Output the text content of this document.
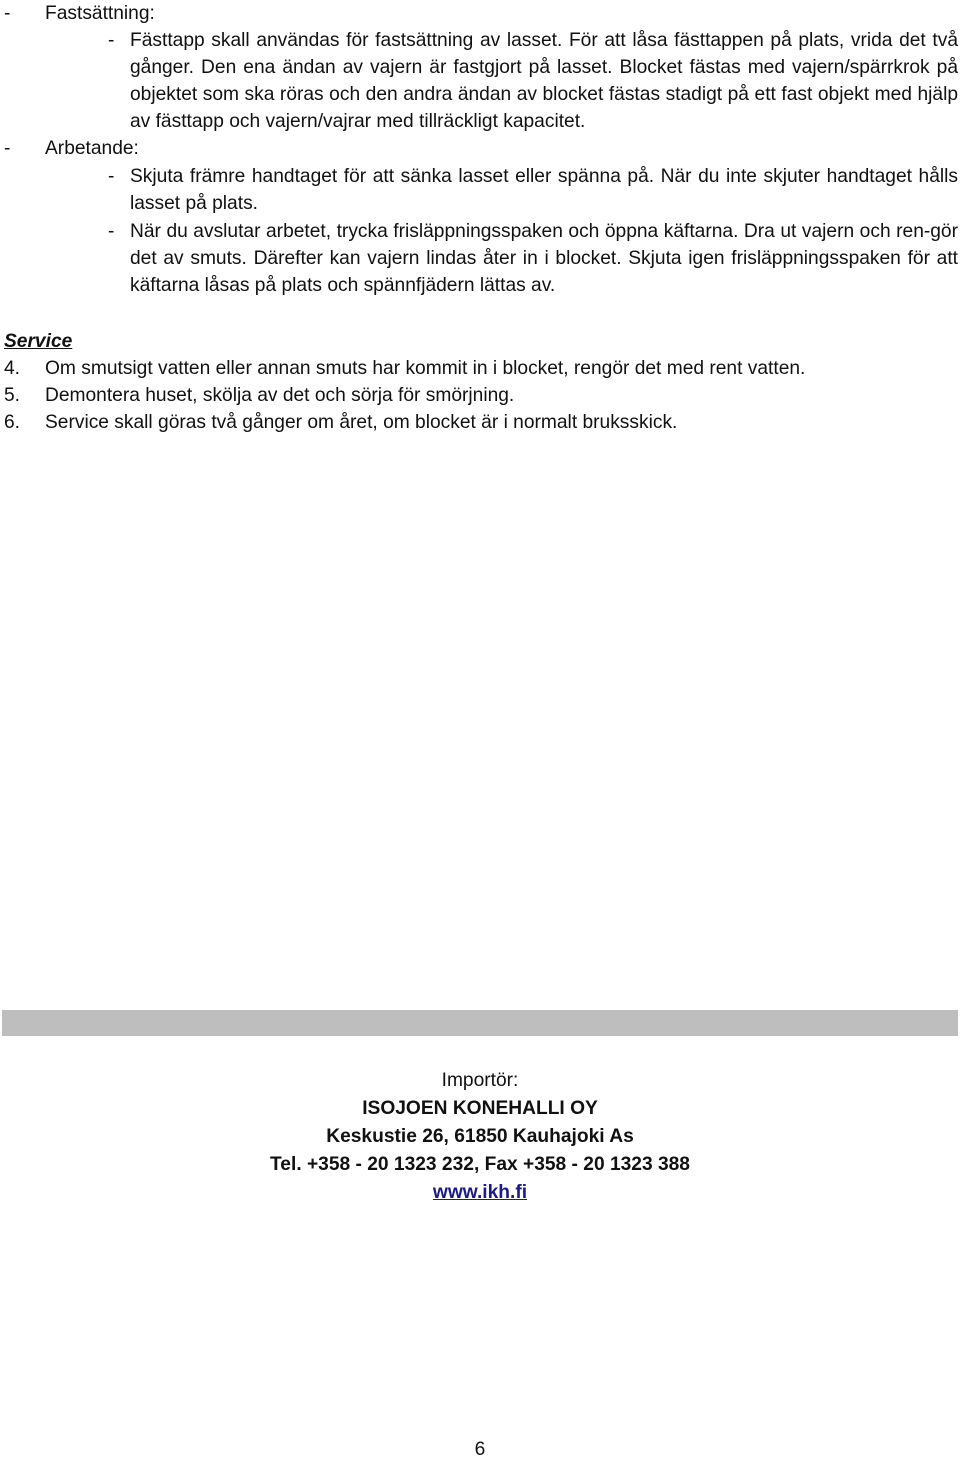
- Fastsättning:

- Fästtapp skall användas för fastsättning av lasset. För att låsa fästtappen på plats, vrida det två gånger. Den ena ändan av vajern är fastgjort på lasset. Blocket fästas med vajern/spärrkrok på objektet som ska röras och den andra ändan av blocket fästas stadigt på ett fast objekt med hjälp av fästtapp och vajern/vajrar med tillräckligt kapacitet.

- Arbetande:

- Skjuta främre handtaget för att sänka lasset eller spänna på. När du inte skjuter handtaget hålls lasset på plats.

- När du avslutar arbetet, trycka frisläppningsspaken och öppna käftarna. Dra ut vajern och ren-gör det av smuts. Därefter kan vajern lindas åter in i blocket. Skjuta igen frisläppningsspaken för att käftarna låsas på plats och spännfjädern lättas av.

Service
4. Om smutsigt vatten eller annan smuts har kommit in i blocket, rengör det med rent vatten.
5. Demontera huset, skölja av det och sörja för smörjning.
6. Service skall göras två gånger om året, om blocket är i normalt bruksskick.
Importör:
ISOJOEN KONEHALLI OY
Keskustie 26, 61850 Kauhajoki As
Tel. +358 - 20 1323 232, Fax +358 - 20 1323 388
www.ikh.fi
6
